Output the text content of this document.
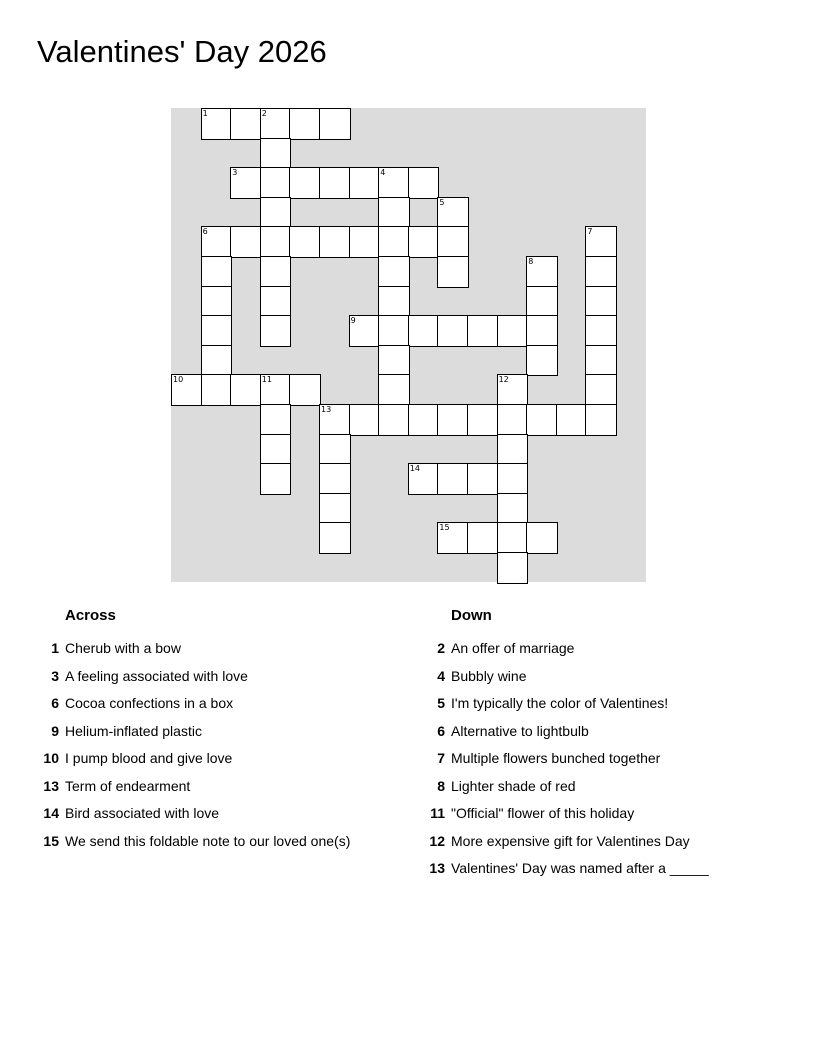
Valentines' Day 2026
1	2
3	4
5
6	7
8
9
10	11	12
13
14
15
Across
1 Cherub with a bow
3 A feeling associated with love
6 Cocoa confections in a box
9 Helium-inflated plastic
10 I pump blood and give love
13 Term of endearment
14 Bird associated with love
15 We send this foldable note to our loved one(s)
Down
2 An offer of marriage
4 Bubbly wine
5 I'm typically the color of Valentines!
6 Alternative to lightbulb
7 Multiple flowers bunched together
8 Lighter shade of red
11 "Official" flower of this holiday
12 More expensive gift for Valentines Day
13 Valentines' Day was named after a _____
